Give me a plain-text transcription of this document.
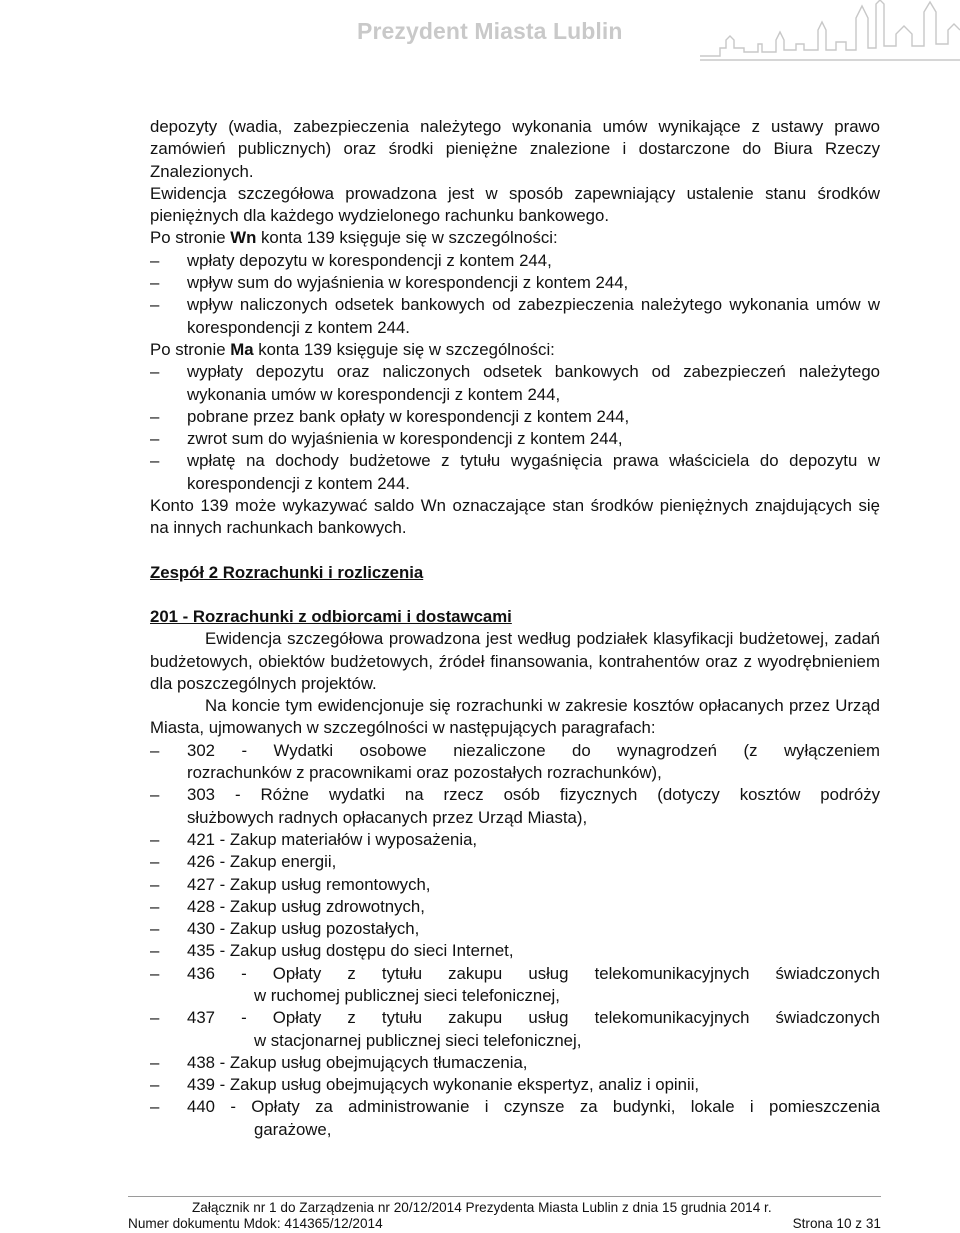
Prezydent Miasta Lublin

depozyty (wadia, zabezpieczenia należytego wykonania umów wynikające z ustawy prawo zamówień publicznych) oraz środki pieniężne znalezione i dostarczone do Biura Rzeczy Znalezionych.

Ewidencja szczegółowa prowadzona jest w sposób zapewniający ustalenie stanu środków pieniężnych dla każdego wydzielonego rachunku bankowego.

Po stronie Wn konta 139 księguje się w szczególności:

– wpłaty depozytu w korespondencji z kontem 244,
– wpływ sum do wyjaśnienia w korespondencji z kontem 244,
– wpływ naliczonych odsetek bankowych od zabezpieczenia należytego wykonania umów w korespondencji z kontem 244.

Po stronie Ma konta 139 księguje się w szczególności:

– wypłaty depozytu oraz naliczonych odsetek bankowych od zabezpieczeń należytego wykonania umów w korespondencji z kontem 244,
– pobrane przez bank opłaty w korespondencji z kontem 244,
– zwrot sum do wyjaśnienia w korespondencji z kontem 244,
– wpłatę na dochody budżetowe z tytułu wygaśnięcia prawa właściciela do depozytu w korespondencji z kontem 244.

Konto 139 może wykazywać saldo Wn oznaczające stan środków pieniężnych znajdujących się na innych rachunkach bankowych.

Zespół 2 Rozrachunki i rozliczenia

201 - Rozrachunki z odbiorcami i dostawcami

Ewidencja szczegółowa prowadzona jest według podziałek klasyfikacji budżetowej, zadań budżetowych, obiektów budżetowych, źródeł finansowania, kontrahentów oraz z wyodrębnieniem dla poszczególnych projektów.

Na koncie tym ewidencjonuje się rozrachunki w zakresie kosztów opłacanych przez Urząd Miasta, ujmowanych w szczególności w następujących paragrafach:

– 302 - Wydatki osobowe niezaliczone do wynagrodzeń (z wyłączeniem
rozrachunków z pracownikami oraz pozostałych rozrachunków),
– 303 - Różne wydatki na rzecz osób fizycznych (dotyczy kosztów podróży
służbowych radnych opłacanych przez Urząd Miasta),
– 421 - Zakup materiałów i wyposażenia,
– 426 - Zakup energii,
– 427 - Zakup usług remontowych,
– 428 - Zakup usług zdrowotnych,
– 430 - Zakup usług pozostałych,
– 435 - Zakup usług dostępu do sieci Internet,
– 436 - Opłaty z tytułu zakupu usług telekomunikacyjnych świadczonych
w ruchomej publicznej sieci telefonicznej,
– 437 - Opłaty z tytułu zakupu usług telekomunikacyjnych świadczonych
w stacjonarnej publicznej sieci telefonicznej,
– 438 - Zakup usług obejmujących tłumaczenia,
– 439 - Zakup usług obejmujących wykonanie ekspertyz, analiz i opinii,
– 440 - Opłaty za administrowanie i czynsze za budynki, lokale i pomieszczenia
garażowe,
Załącznik nr 1 do Zarządzenia nr 20/12/2014 Prezydenta Miasta Lublin z dnia 15 grudnia 2014 r.
Numer dokumentu Mdok: 414365/12/2014	Strona 10 z 31
